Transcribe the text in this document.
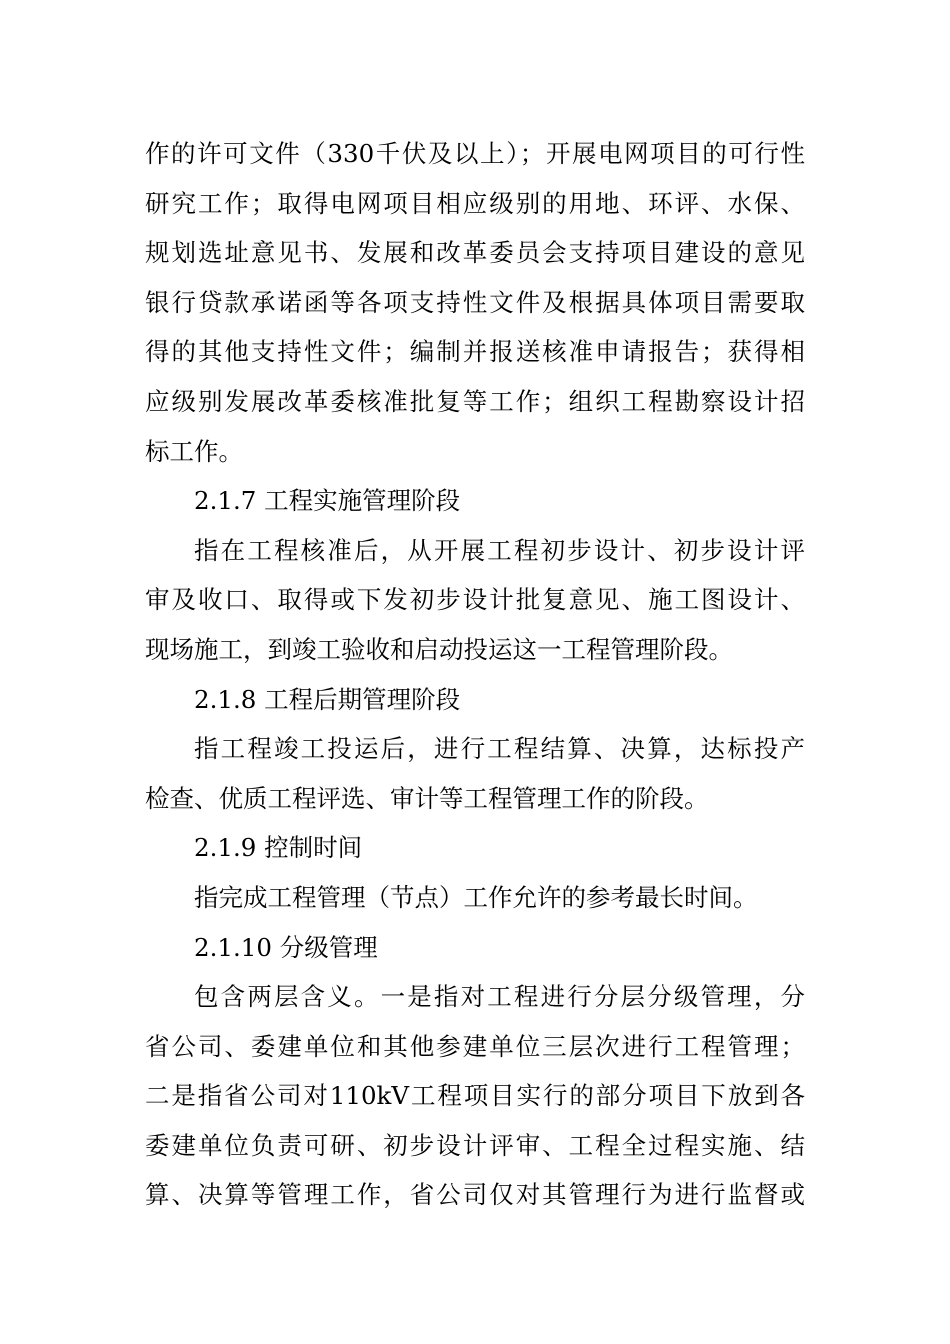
作的许可文件（330千伏及以上）；开展电网项目的可行性
研究工作；取得电网项目相应级别的用地、环评、水保、
规划选址意见书、发展和改革委员会支持项目建设的意见
银行贷款承诺函等各项支持性文件及根据具体项目需要取
得的其他支持性文件；编制并报送核准申请报告；获得相
应级别发展改革委核准批复等工作；组织工程勘察设计招
标工作。
2.1.7 工程实施管理阶段
指在工程核准后，从开展工程初步设计、初步设计评
审及收口、取得或下发初步设计批复意见、施工图设计、
现场施工，到竣工验收和启动投运这一工程管理阶段。
2.1.8 工程后期管理阶段
指工程竣工投运后，进行工程结算、决算，达标投产
检查、优质工程评选、审计等工程管理工作的阶段。
2.1.9 控制时间
指完成工程管理（节点）工作允许的参考最长时间。
2.1.10 分级管理
包含两层含义。一是指对工程进行分层分级管理，分
省公司、委建单位和其他参建单位三层次进行工程管理；
二是指省公司对110kV工程项目实行的部分项目下放到各
委建单位负责可研、初步设计评审、工程全过程实施、结
算、决算等管理工作，省公司仅对其管理行为进行监督或
